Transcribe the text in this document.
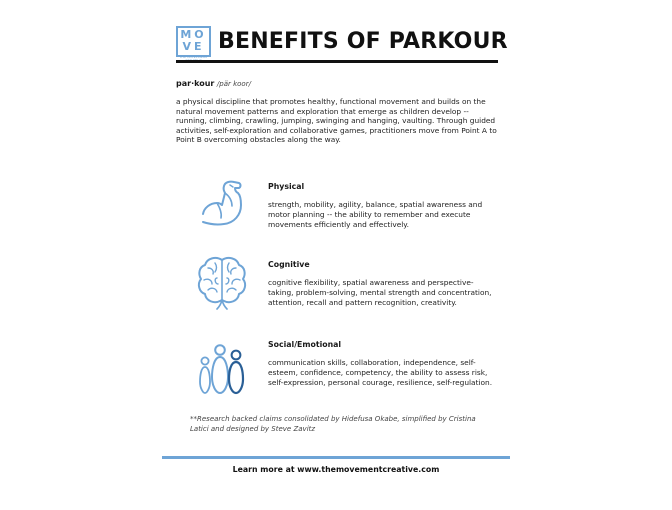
MO
VE
THE MOVEMENT
BENEFITS OF PARKOUR
par·kour /pär koor/
a physical discipline that promotes healthy, functional movement and builds on the natural movement patterns and exploration that emerge as children develop -- running, climbing, crawling, jumping, swinging and hanging, vaulting. Through guided activities, self-exploration and collaborative games, practitioners move from Point A to Point B overcoming obstacles along the way.
Physical
strength, mobility, agility, balance, spatial awareness and motor planning -- the ability to remember and execute movements efficiently and effectively.
Cognitive
cognitive flexibility, spatial awareness and perspective-taking, problem-solving, mental strength and concentration, attention, recall and pattern recognition, creativity.
Social/Emotional
communication skills, collaboration, independence, self-esteem, confidence, competency, the ability to assess risk, self-expression, personal courage, resilience, self-regulation.
**Research backed claims consolidated by Hidefusa Okabe, simplified by Cristina Latici and designed by Steve Zavitz
Learn more at www.themovementcreative.com
